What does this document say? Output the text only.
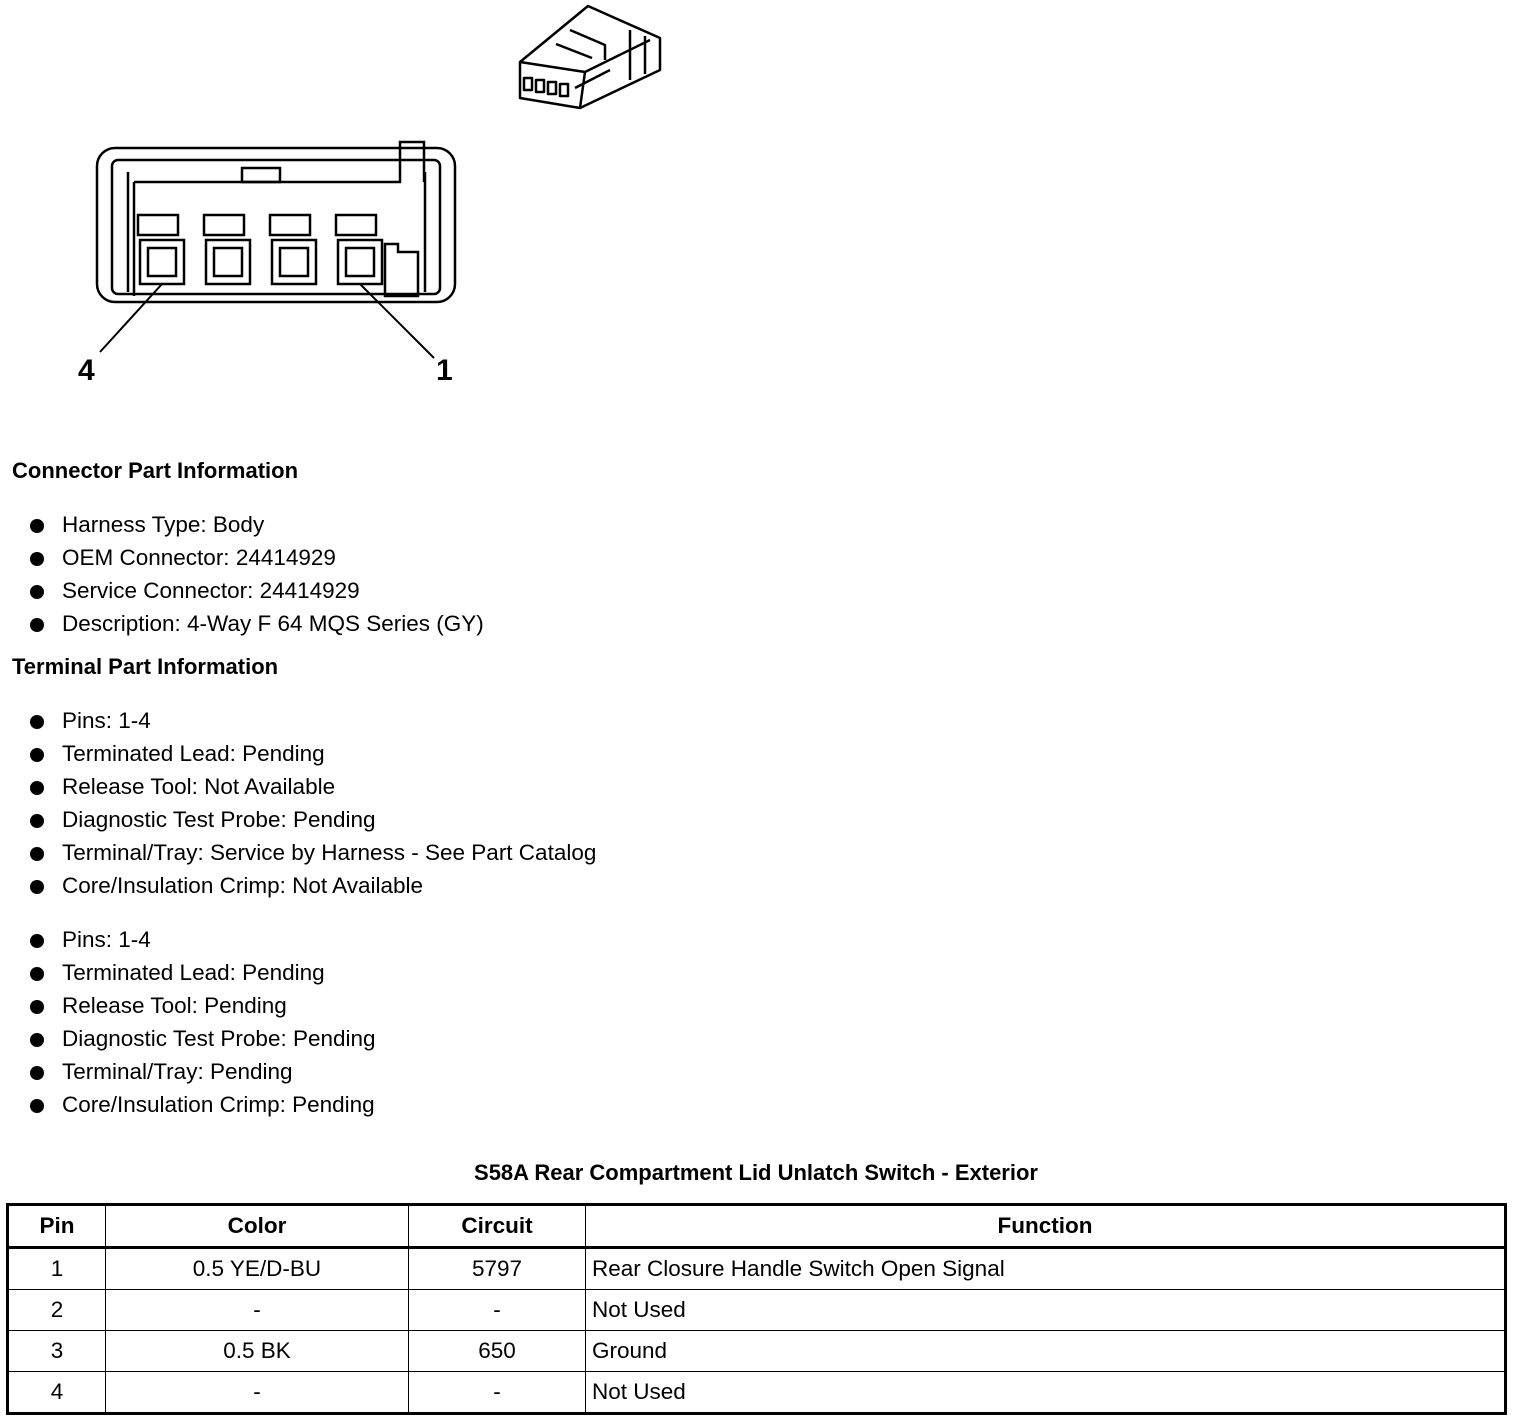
4	1
Connector Part Information
Harness Type: Body
OEM Connector: 24414929
Service Connector: 24414929
Description: 4-Way F 64 MQS Series (GY)
Terminal Part Information
Pins: 1-4
Terminated Lead: Pending
Release Tool: Not Available
Diagnostic Test Probe: Pending
Terminal/Tray: Service by Harness - See Part Catalog
Core/Insulation Crimp: Not Available
Pins: 1-4
Terminated Lead: Pending
Release Tool: Pending
Diagnostic Test Probe: Pending
Terminal/Tray: Pending
Core/Insulation Crimp: Pending
S58A Rear Compartment Lid Unlatch Switch - Exterior
Pin	Color	Circuit	Function
1	0.5 YE/D-BU	5797	Rear Closure Handle Switch Open Signal
2	-	-	Not Used
3	0.5 BK	650	Ground
4	-	-	Not Used
